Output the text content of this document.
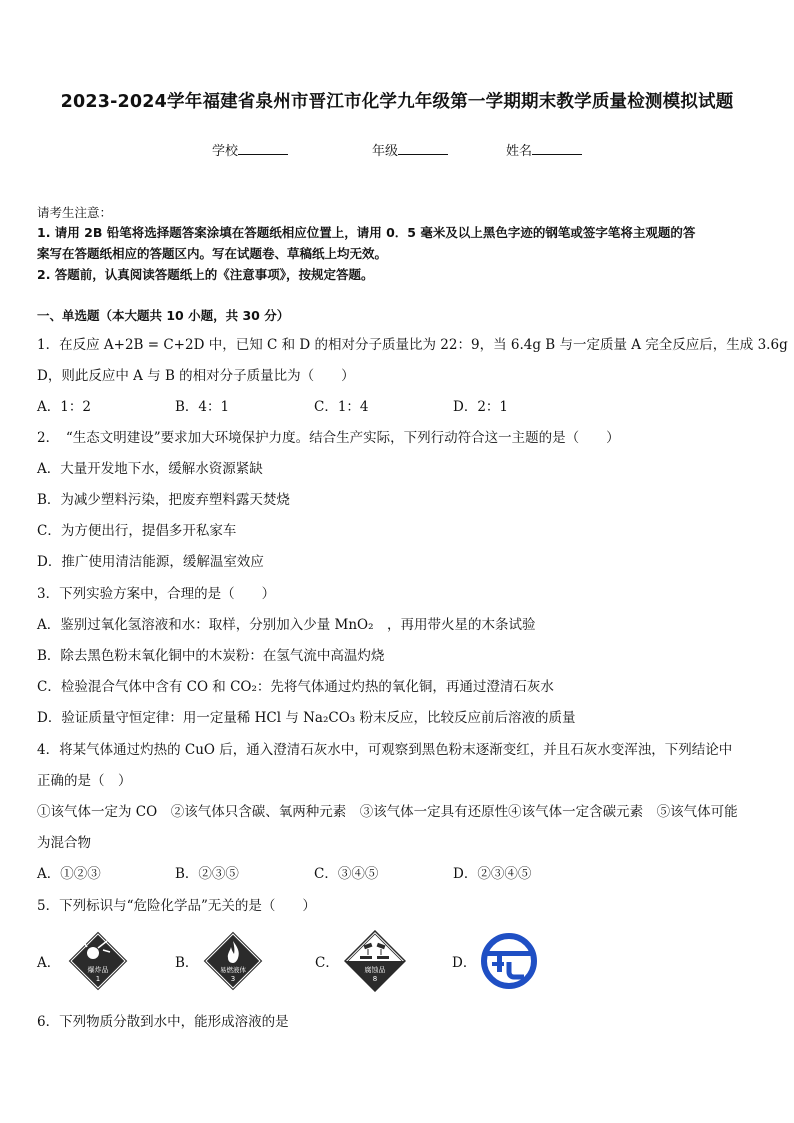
2023-2024学年福建省泉州市晋江市化学九年级第一学期期末教学质量检测模拟试题
学校	年级	姓名
请考生注意：
1. 请用 2B 铅笔将选择题答案涂填在答题纸相应位置上，请用 0．5 毫米及以上黑色字迹的钢笔或签字笔将主观题的答
案写在答题纸相应的答题区内。写在试题卷、草稿纸上均无效。
2. 答题前，认真阅读答题纸上的《注意事项》，按规定答题。
一、单选题（本大题共 10 小题，共 30 分）
1．在反应 A+2B = C+2D 中，已知 C 和 D 的相对分子质量比为 22：9，当 6.4g B 与一定质量 A 完全反应后，生成 3.6g
D，则此反应中 A 与 B 的相对分子质量比为（　　）
A．1：2	B．4：1	C．1：4	D．2：1
2．　“生态文明建设”要求加大环境保护力度。结合生产实际，下列行动符合这一主题的是（　　）
A．大量开发地下水，缓解水资源紧缺
B．为减少塑料污染，把废弃塑料露天焚烧
C．为方便出行，提倡多开私家车
D．推广使用清洁能源，缓解温室效应
3．下列实验方案中，合理的是（　　）
A．鉴别过氧化氢溶液和水：取样，分别加入少量 MnO₂　，再用带火星的木条试验
B．除去黑色粉末氧化铜中的木炭粉：在氢气流中高温灼烧
C．检验混合气体中含有 CO 和 CO₂：先将气体通过灼热的氧化铜，再通过澄清石灰水
D．验证质量守恒定律：用一定量稀 HCl 与 Na₂CO₃ 粉末反应，比较反应前后溶液的质量
4．将某气体通过灼热的 CuO 后，通入澄清石灰水中，可观察到黑色粉末逐渐变红，并且石灰水变浑浊，下列结论中
正确的是（　）
①该气体一定为 CO　②该气体只含碳、氧两种元素　③该气体一定具有还原性④该气体一定含碳元素　⑤该气体可能
为混合物
A．①②③	B．②③⑤	C．③④⑤	D．②③④⑤
5．下列标识与“危险化学品”无关的是（　　）
A．	爆炸品
1
B．	易燃液体
3
C．	腐蚀品
8
D．
6．下列物质分散到水中，能形成溶液的是
